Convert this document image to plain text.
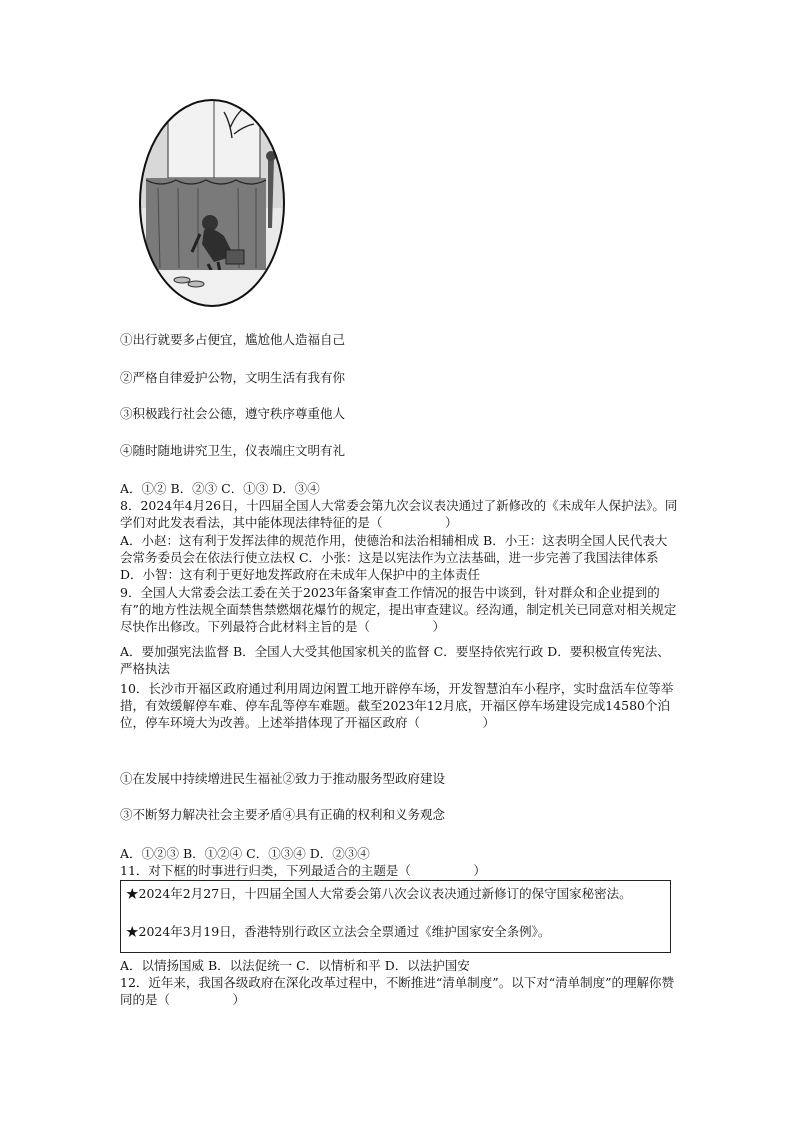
①出行就要多占便宜，尴尬他人造福自己
②严格自律爱护公物，文明生活有我有你
③积极践行社会公德，遵守秩序尊重他人
④随时随地讲究卫生，仪表端庄文明有礼
A．①② B．②③ C．①③ D．③④
8．2024年4月26日，十四届全国人大常委会第九次会议表决通过了新修改的《未成年人保护法》。同学们对此发表看法，其中能体现法律特征的是（　　　　　）
A．小赵：这有利于发挥法律的规范作用，使德治和法治相辅相成 B．小王：这表明全国人民代表大会常务委员会在依法行使立法权 C．小张：这是以宪法作为立法基础，进一步完善了我国法律体系 D．小智：这有利于更好地发挥政府在未成年人保护中的主体责任
9．全国人大常委会法工委在关于2023年备案审查工作情况的报告中谈到，针对群众和企业提到的有”的地方性法规全面禁售禁燃烟花爆竹的规定，提出审查建议。经沟通，制定机关已同意对相关规定尽快作出修改。下列最符合此材料主旨的是（　　　　　）
A．要加强宪法监督 B．全国人大受其他国家机关的监督 C．要坚持依宪行政 D．要积极宣传宪法、严格执法
10．长沙市开福区政府通过利用周边闲置工地开辟停车场，开发智慧泊车小程序，实时盘活车位等举措，有效缓解停车难、停车乱等停车难题。截至2023年12月底，开福区停车场建设完成14580个泊位，停车环境大为改善。上述举措体现了开福区政府（　　　　　）
①在发展中持续增进民生福祉②致力于推动服务型政府建设
③不断努力解决社会主要矛盾④具有正确的权利和义务观念
A．①②③ B．①②④ C．①③④ D．②③④
11．对下框的时事进行归类，下列最适合的主题是（　　　　　）

★2024年2月27日，十四届全国人大常委会第八次会议表决通过新修订的保守国家秘密法。

★2024年3月19日，香港特别行政区立法会全票通过《维护国家安全条例》。

A．以情扬国威 B．以法促统一 C．以情析和平 D．以法护国安
12．近年来，我国各级政府在深化改革过程中，不断推进“清单制度”。以下对“清单制度”的理解你赞同的是（　　　　　）
